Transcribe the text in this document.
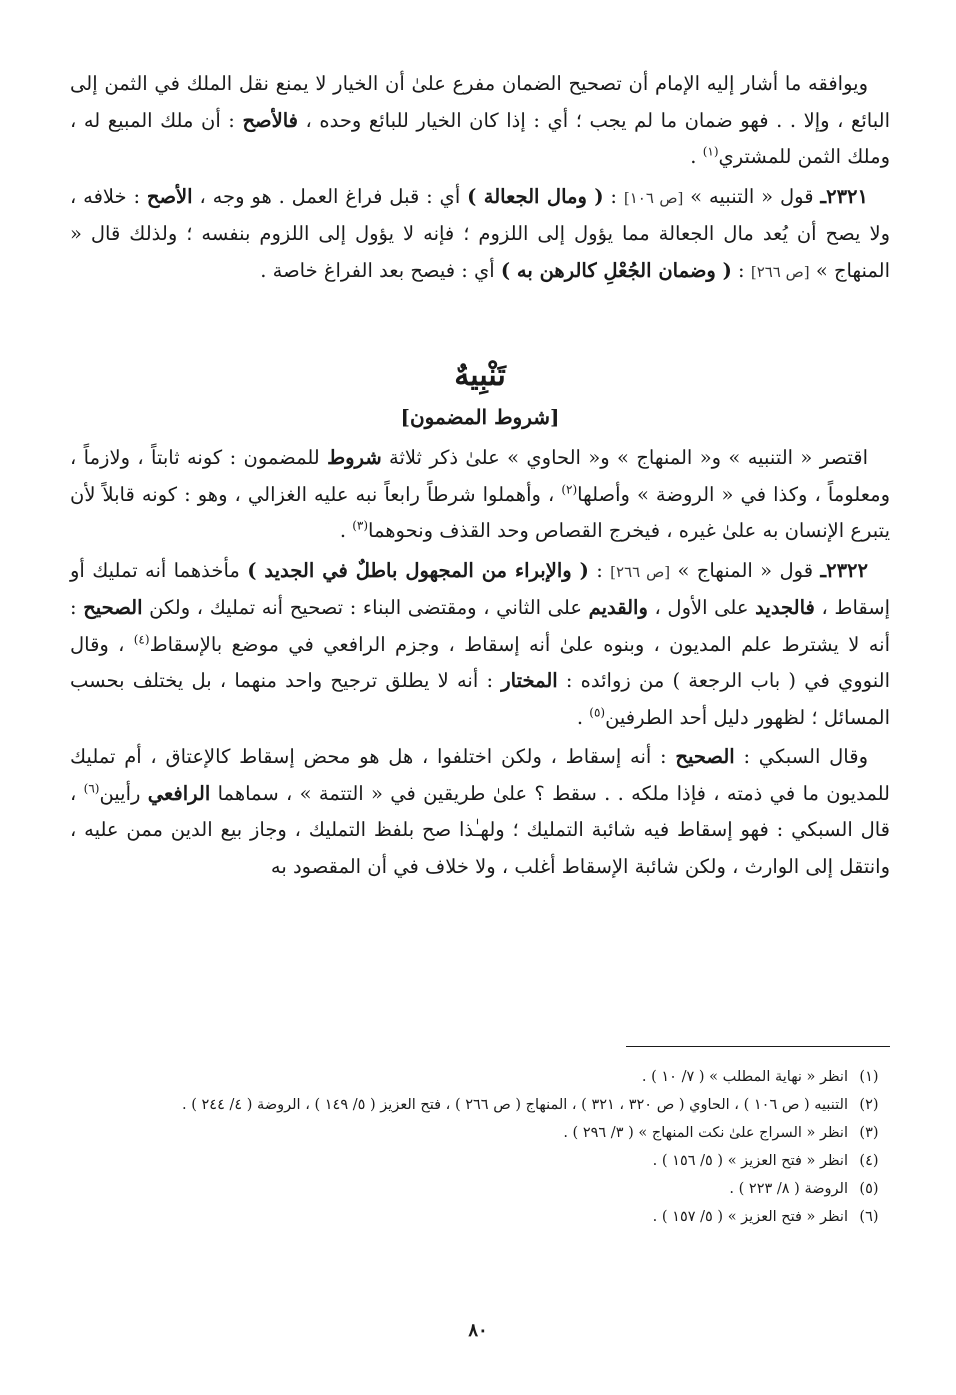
ويوافقه ما أشار إليه الإمام أن تصحيح الضمان مفرع علىٰ أن الخيار لا يمنع نقل الملك في الثمن إلى البائع ، وإلا . . فهو ضمان ما لم يجب ؛ أي : إذا كان الخيار للبائع وحده ، فالأصح : أن ملك المبيع له ، وملك الثمن للمشتري$^{(١)}$ .

٢٣٢١ـ قول « التنبيه » [ص ١٠٦] : ( ومال الجعالة ) أي : قبل فراغ العمل . هو وجه ، الأصح : خلافه ، ولا يصح أن يُعد مال الجعالة مما يؤول إلى اللزوم ؛ فإنه لا يؤول إلى اللزوم بنفسه ؛ ولذلك قال « المنهاج » [ص ٢٦٦] : ( وضمان الجُعْلِ كالرهن به ) أي : فيصح بعد الفراغ خاصة .

تَنْبِيهٌ

[شروط المضمون]

اقتصر « التنبيه » و« المنهاج » و« الحاوي » علىٰ ذكر ثلاثة شروط للمضمون : كونه ثابتاً ، ولازماً ، ومعلوماً ، وكذا في « الروضة » وأصلها$^{(٢)}$ ، وأهملوا شرطاً رابعاً نبه عليه الغزالي ، وهو : كونه قابلاً لأن يتبرع الإنسان به علىٰ غيره ، فيخرج القصاص وحد القذف ونحوهما$^{(٣)}$ .

٢٣٢٢ـ قول « المنهاج » [ص ٢٦٦] : ( والإبراء من المجهول باطلٌ في الجديد ) مأخذهما أنه تمليك أو إسقاط ، فالجديد على الأول ، والقديم على الثاني ، ومقتضى البناء : تصحيح أنه تمليك ، ولكن الصحيح : أنه لا يشترط علم المديون ، وبنوه علىٰ أنه إسقاط ، وجزم الرافعي في موضع بالإسقاط$^{(٤)}$ ، وقال النووي في ( باب الرجعة ) من زوائده : المختار : أنه لا يطلق ترجيح واحد منهما ، بل يختلف بحسب المسائل ؛ لظهور دليل أحد الطرفين$^{(٥)}$ .

وقال السبكي : الصحيح : أنه إسقاط ، ولكن اختلفوا ، هل هو محض إسقاط كالإعتاق ، أم تمليك للمديون ما في ذمته ، فإذا ملكه . . سقط ؟ علىٰ طريقين في « التتمة » ، سماهما الرافعي رأيين$^{(٦)}$ ، قال السبكي : فهو إسقاط فيه شائبة التمليك ؛ ولهـٰذا صح بلفظ التمليك ، وجاز بيع الدين ممن عليه ، وانتقل إلى الوارث ، ولكن شائبة الإسقاط أغلب ، ولا خلاف في أن المقصود به

(١)
انظر « نهاية المطلب » ( ٧/ ١٠ ) .
(٢)
التنبيه ( ص ١٠٦ ) ، الحاوي ( ص ٣٢٠ ، ٣٢١ ) ، المنهاج ( ص ٢٦٦ ) ، فتح العزيز ( ٥/ ١٤٩ ) ، الروضة ( ٤/ ٢٤٤ ) .
(٣)
انظر « السراج علىٰ نكت المنهاج » ( ٣/ ٢٩٦ ) .
(٤)
انظر « فتح العزيز » ( ٥/ ١٥٦ ) .
(٥)
الروضة ( ٨/ ٢٢٣ ) .
(٦)
انظر « فتح العزيز » ( ٥/ ١٥٧ ) .
٨٠
